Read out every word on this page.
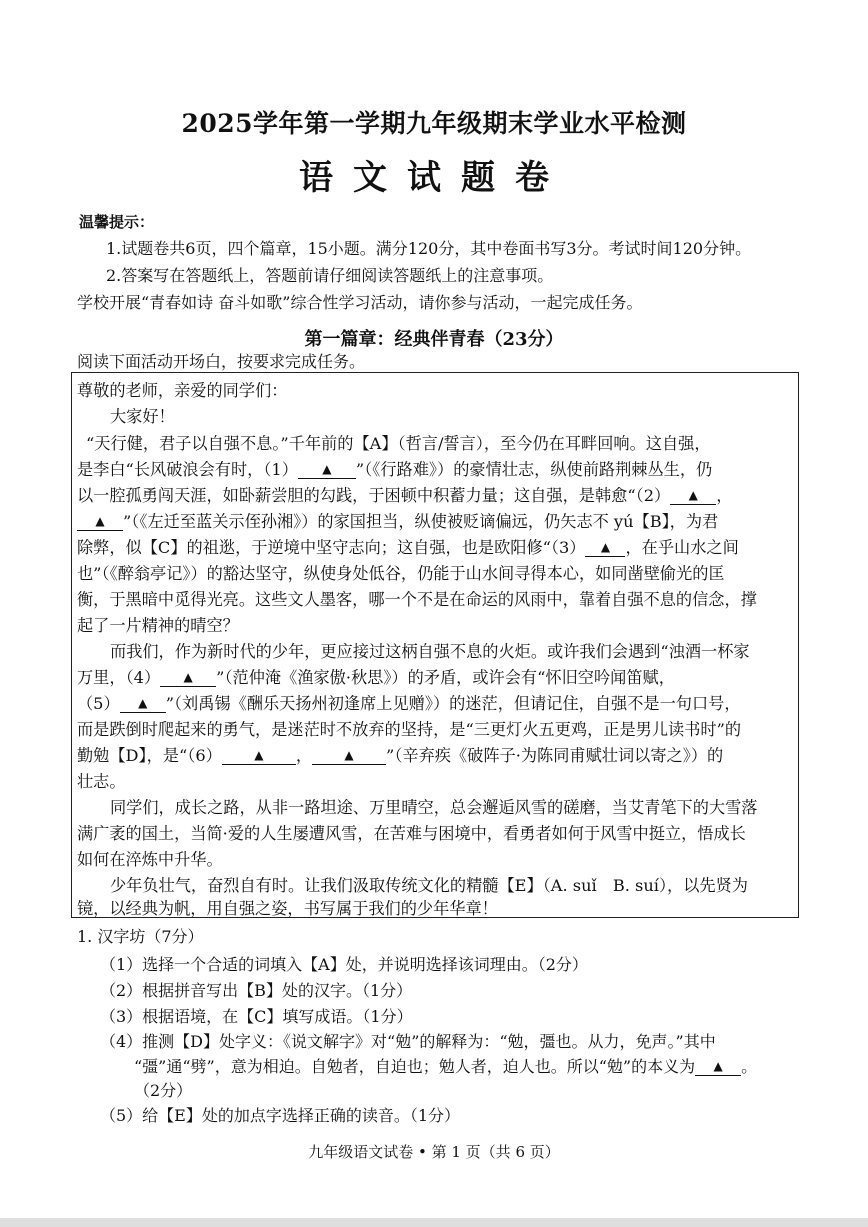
2025学年第一学期九年级期末学业水平检测
语文试题卷
温馨提示：
1.试题卷共6页，四个篇章，15小题。满分120分，其中卷面书写3分。考试时间120分钟。
2.答案写在答题纸上，答题前请仔细阅读答题纸上的注意事项。
学校开展“青春如诗 奋斗如歌”综合性学习活动，请你参与活动，一起完成任务。
第一篇章：经典伴青春（23分）
阅读下面活动开场白，按要求完成任务。
尊敬的老师，亲爱的同学们：
大家好！
“天行健，君子以自强不息。”千年前的【A】（哲言/誓言），至今仍在耳畔回响。这自强，
是李白“长风破浪会有时，（1） ▲ ”（《行路难》）的豪情壮志，纵使前路荆棘丛生，仍
以一腔孤勇闯天涯，如卧薪尝胆的勾践，于困顿中积蓄力量；这自强，是韩愈“（2） ▲ ，
▲ ”（《左迁至蓝关示侄孙湘》）的家国担当，纵使被贬谪偏远，仍矢志不 yú【B】，为君
除弊，似【C】的祖逖，于逆境中坚守志向；这自强，也是欧阳修“（3） ▲ ，在乎山水之间
也”（《醉翁亭记》）的豁达坚守，纵使身处低谷，仍能于山水间寻得本心，如同凿壁偷光的匡
衡，于黑暗中觅得光亮。这些文人墨客，哪一个不是在命运的风雨中，靠着自强不息的信念，撑
起了一片精神的晴空？
而我们，作为新时代的少年，更应接过这柄自强不息的火炬。或许我们会遇到“浊酒一杯家
万里，（4） ▲ ”（范仲淹《渔家傲·秋思》）的矛盾，或许会有“怀旧空吟闻笛赋，
（5） ▲ ”（刘禹锡《酬乐天扬州初逢席上见赠》）的迷茫，但请记住，自强不是一句口号，
而是跌倒时爬起来的勇气，是迷茫时不放弃的坚持，是“三更灯火五更鸡，正是男儿读书时”的
勤勉【D】，是“（6）	▲ ，	▲ ”（辛弃疾《破阵子·为陈同甫赋壮词以寄之》）的
壮志。
同学们，成长之路，从非一路坦途、万里晴空，总会邂逅风雪的磋磨，当艾青笔下的大雪落
满广袤的国土，当简·爱的人生屡遭风雪，在苦难与困境中，看勇者如何于风雪中挺立，悟成长
如何在淬炼中升华。
少年负壮气，奋烈自有时。让我们汲取传统文化的精髓【E】（A. suǐ　B. suí），以先贤为
镜，以经典为帆，用自强之姿，书写属于我们的少年华章！
1. 汉字坊（7分）
（1）选择一个合适的词填入【A】处，并说明选择该词理由。（2分）
（2）根据拼音写出【B】处的汉字。（1分）
（3）根据语境，在【C】填写成语。（1分）
（4）推测【D】处字义：《说文解字》对“勉”的解释为：“勉，彊也。从力，免声。”其中
“彊”通“劈”，意为相迫。自勉者，自迫也；勉人者，迫人也。所以“勉”的本义为 ▲ 。
（2分）
（5）给【E】处的加点字选择正确的读音。（1分）
九年级语文试卷 • 第 1 页（共 6 页）
